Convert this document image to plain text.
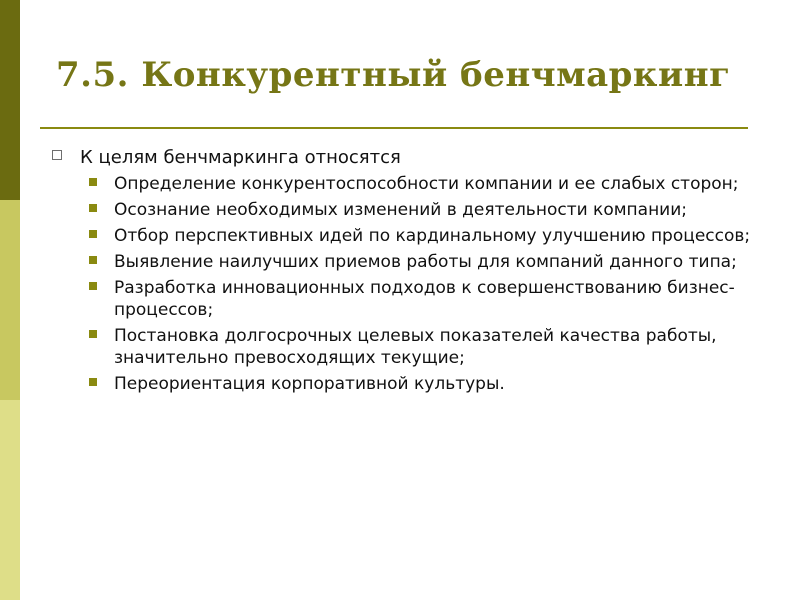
7.5. Конкурентный бенчмаркинг
К целям бенчмаркинга относятся
Определение конкурентоспособности компании и ее слабых сторон;
Осознание необходимых изменений в деятельности компании;
Отбор перспективных идей по кардинальному улучшению процессов;
Выявление наилучших приемов работы для компаний данного типа;
Разработка инновационных подходов к совершенствованию бизнес-процессов;
Постановка долгосрочных целевых показателей качества работы, значительно превосходящих текущие;
Переориентация корпоративной культуры.
